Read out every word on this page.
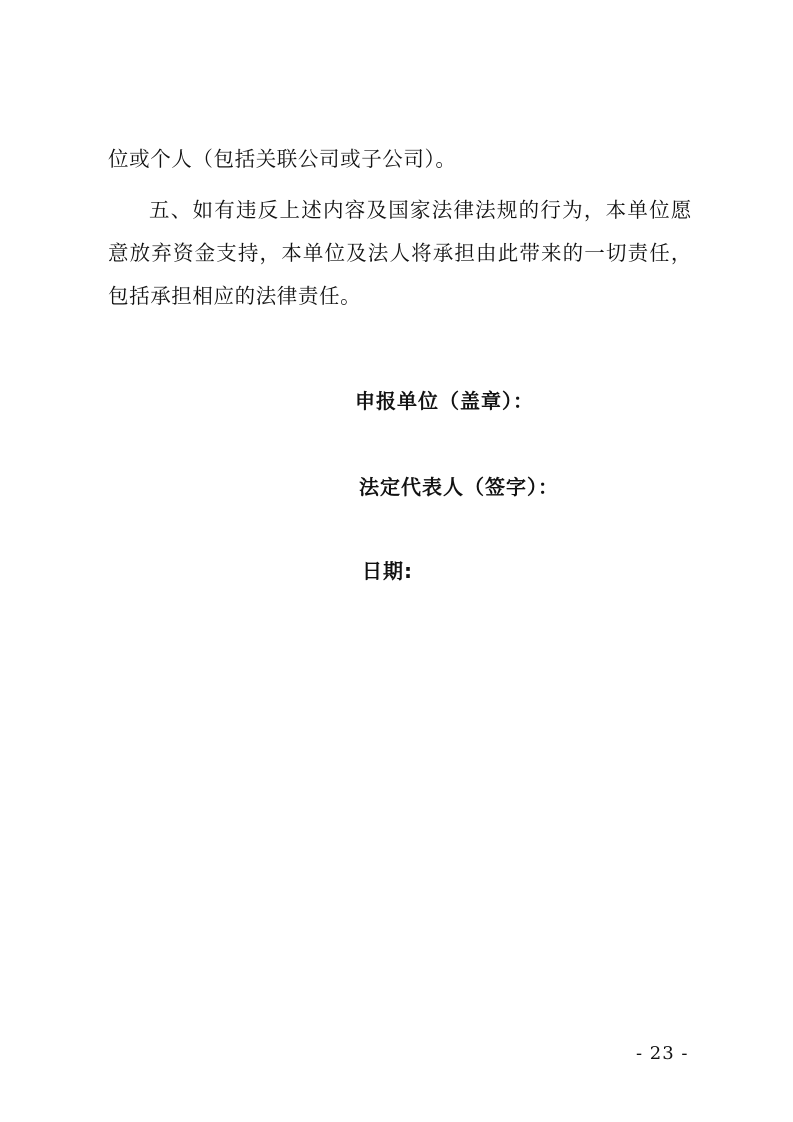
位或个人（包括关联公司或子公司）。

五、如有违反上述内容及国家法律法规的行为，本单位愿意放弃资金支持，本单位及法人将承担由此带来的一切责任，包括承担相应的法律责任。

申报单位（盖章）：

法定代表人（签字）：

日期:

- 23 -
